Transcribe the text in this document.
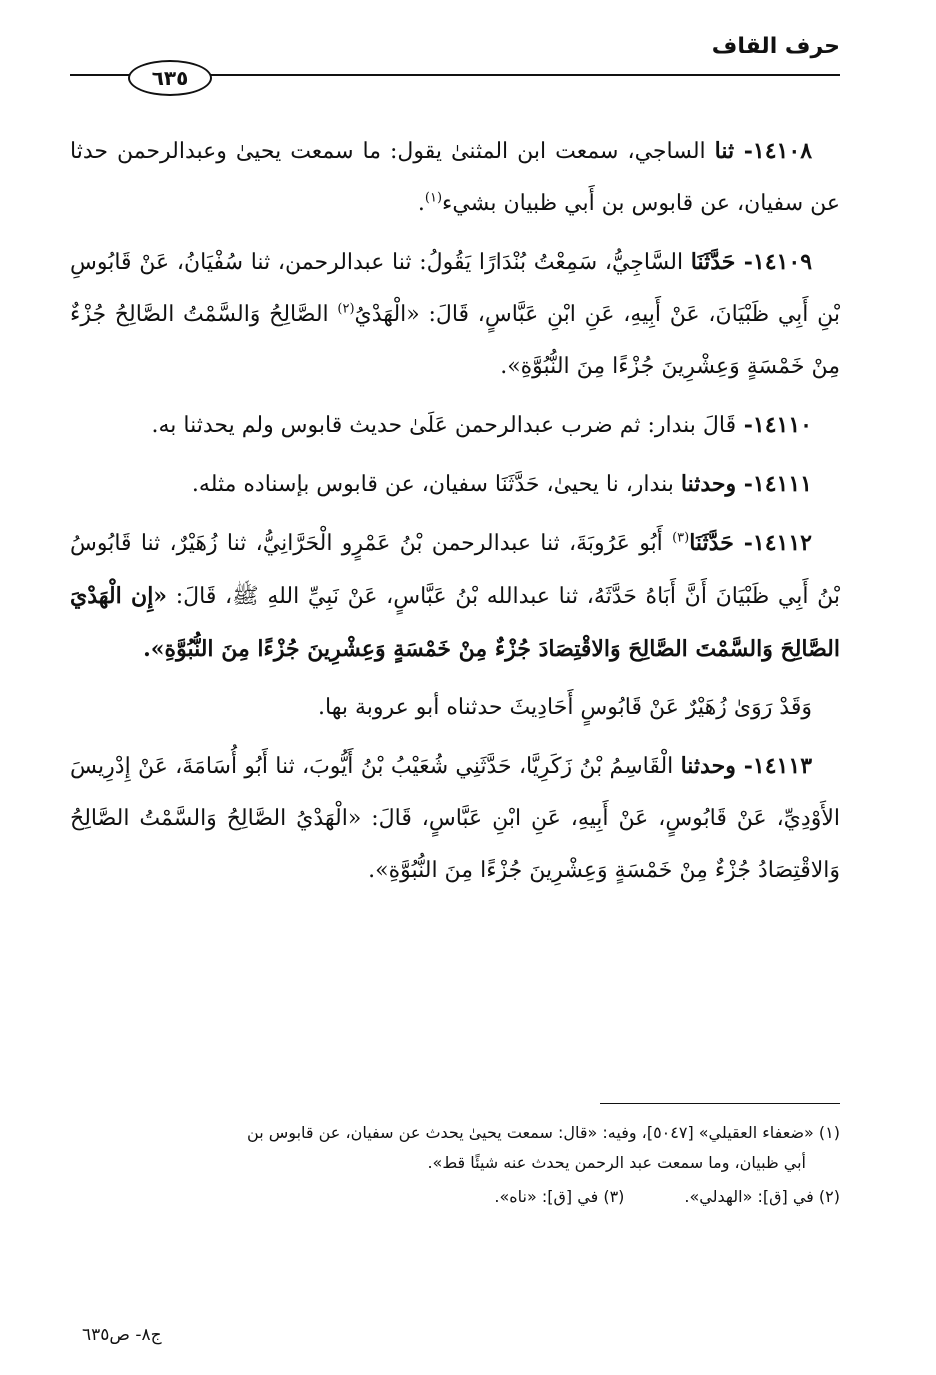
حرف القاف
٦٣٥

١٤١٠٨- ثنا الساجي، سمعت ابن المثنىٰ يقول: ما سمعت يحيىٰ وعبدالرحمن حدثا عن سفيان، عن قابوس بن أَبي ظبيان بشيء$^{(١)}$.

١٤١٠٩- حَدَّثَنَا السَّاجِيُّ، سَمِعْتُ بُنْدَارًا يَقُولُ: ثنا عبدالرحمن، ثنا سُفْيَانُ، عَنْ قَابُوسِ بْنِ أَبِي ظَبْيَانَ، عَنْ أَبِيهِ، عَنِ ابْنِ عَبَّاسٍ، قَالَ: «الْهَدْيُ$^{(٢)}$ الصَّالِحُ وَالسَّمْتُ الصَّالِحُ جُزْءٌ مِنْ خَمْسَةٍ وَعِشْرِينَ جُزْءًا مِنَ النُّبُوَّةِ».

١٤١١٠- قَالَ بندار: ثم ضرب عبدالرحمن عَلَىٰ حديث قابوس ولم يحدثنا به.

١٤١١١- وحدثنا بندار، نا يحيىٰ، حَدَّثَنَا سفيان، عن قابوس بإسناده مثله.

١٤١١٢- حَدَّثَنَا$^{(٣)}$ أَبُو عَرُوبَةَ، ثنا عبدالرحمن بْنُ عَمْرٍو الْحَرَّانِيُّ، ثنا زُهَيْرٌ، ثنا قَابُوسُ بْنُ أَبِي ظَبْيَانَ أَنَّ أَبَاهُ حَدَّثَهُ، ثنا عبدالله بْنُ عَبَّاسٍ، عَنْ نَبِيِّ اللهِ ﷺ، قَالَ: «إِن الْهَدْيَ الصَّالِحَ وَالسَّمْتَ الصَّالِحَ وَالاقْتِصَادَ جُزْءٌ مِنْ خَمْسَةٍ وَعِشْرِينَ جُزْءًا مِنَ النُّبُوَّةِ».

وَقَدْ رَوَىٰ زُهَيْرٌ عَنْ قَابُوسٍ أَحَادِيثَ حدثناه أبو عروبة بها.

١٤١١٣- وحدثنا الْقَاسِمُ بْنُ زَكَرِيَّا، حَدَّثَنِي شُعَيْبُ بْنُ أَيُّوبَ، ثنا أَبُو أُسَامَةَ، عَنْ إِدْرِيسَ الأَوْدِيِّ، عَنْ قَابُوسٍ، عَنْ أَبِيهِ، عَنِ ابْنِ عَبَّاسٍ، قَالَ: «الْهَدْيُ الصَّالِحُ وَالسَّمْتُ الصَّالِحُ وَالاقْتِصَادُ جُزْءٌ مِنْ خَمْسَةٍ وَعِشْرِينَ جُزْءًا مِنَ النُّبُوَّةِ».

(١) «ضعفاء العقيلي» [٥٠٤٧]، وفيه: «قال: سمعت يحيىٰ يحدث عن سفيان، عن قابوس بن

أبي ظبيان، وما سمعت عبد الرحمن يحدث عنه شيئًا قط».

(٢) في [ق]: «الهدلي».
(٣) في [ق]: «ناه».
ج٨- ص٦٣٥
